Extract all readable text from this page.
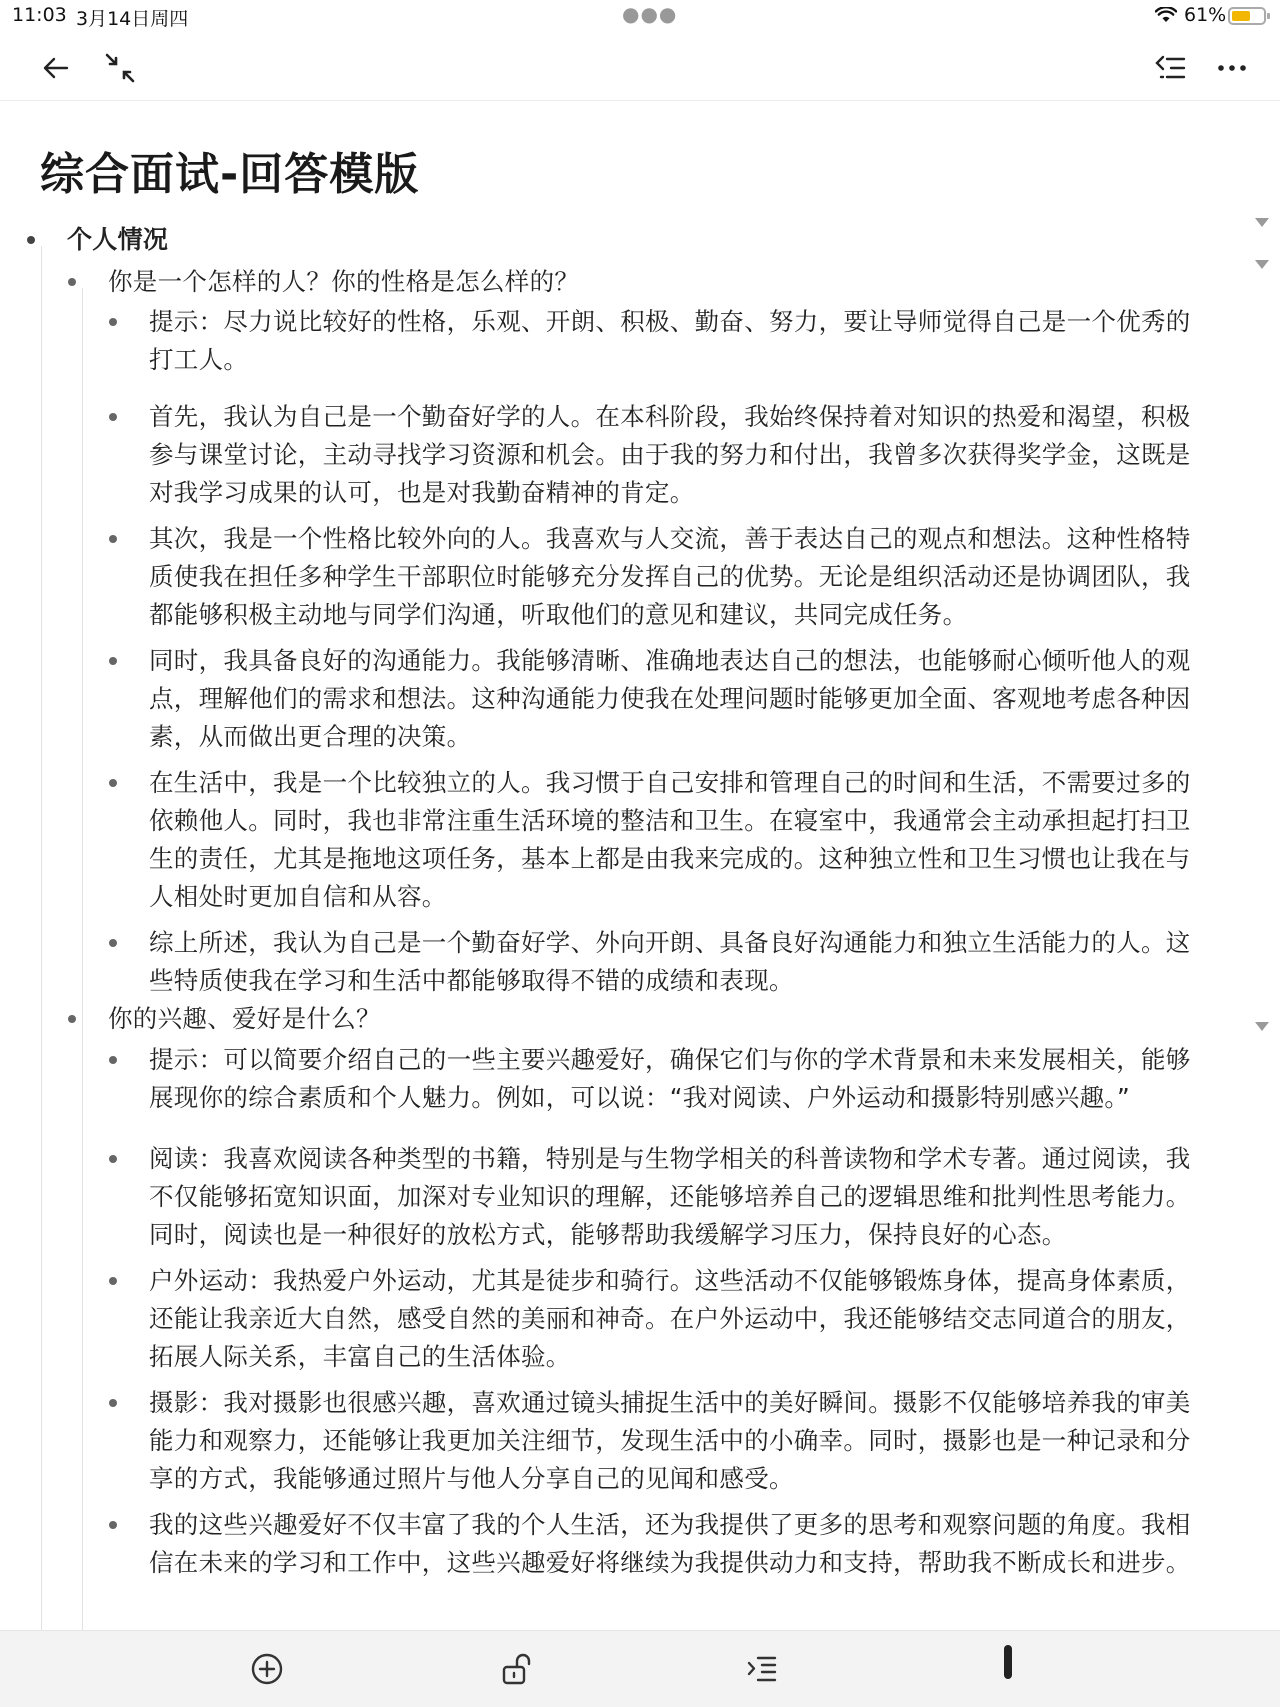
11:03 3月14日周四	●●●	61%
综合面试-回答模版
个人情况
你是一个怎样的人？你的性格是怎么样的？
提示：尽力说比较好的性格，乐观、开朗、积极、勤奋、努力，要让导师觉得自己是一个优秀的打工人。
首先，我认为自己是一个勤奋好学的人。在本科阶段，我始终保持着对知识的热爱和渴望，积极参与课堂讨论，主动寻找学习资源和机会。由于我的努力和付出，我曾多次获得奖学金，这既是对我学习成果的认可，也是对我勤奋精神的肯定。
其次，我是一个性格比较外向的人。我喜欢与人交流，善于表达自己的观点和想法。这种性格特质使我在担任多种学生干部职位时能够充分发挥自己的优势。无论是组织活动还是协调团队，我都能够积极主动地与同学们沟通，听取他们的意见和建议，共同完成任务。
同时，我具备良好的沟通能力。我能够清晰、准确地表达自己的想法，也能够耐心倾听他人的观点，理解他们的需求和想法。这种沟通能力使我在处理问题时能够更加全面、客观地考虑各种因素，从而做出更合理的决策。
在生活中，我是一个比较独立的人。我习惯于自己安排和管理自己的时间和生活，不需要过多的依赖他人。同时，我也非常注重生活环境的整洁和卫生。在寝室中，我通常会主动承担起打扫卫生的责任，尤其是拖地这项任务，基本上都是由我来完成的。这种独立性和卫生习惯也让我在与人相处时更加自信和从容。
综上所述，我认为自己是一个勤奋好学、外向开朗、具备良好沟通能力和独立生活能力的人。这些特质使我在学习和生活中都能够取得不错的成绩和表现。
你的兴趣、爱好是什么？
提示：可以简要介绍自己的一些主要兴趣爱好，确保它们与你的学术背景和未来发展相关，能够展现你的综合素质和个人魅力。例如，可以说：“我对阅读、户外运动和摄影特别感兴趣。”
阅读：我喜欢阅读各种类型的书籍，特别是与生物学相关的科普读物和学术专著。通过阅读，我不仅能够拓宽知识面，加深对专业知识的理解，还能够培养自己的逻辑思维和批判性思考能力。同时，阅读也是一种很好的放松方式，能够帮助我缓解学习压力，保持良好的心态。
户外运动：我热爱户外运动，尤其是徒步和骑行。这些活动不仅能够锻炼身体，提高身体素质，还能让我亲近大自然，感受自然的美丽和神奇。在户外运动中，我还能够结交志同道合的朋友，拓展人际关系，丰富自己的生活体验。
摄影：我对摄影也很感兴趣，喜欢通过镜头捕捉生活中的美好瞬间。摄影不仅能够培养我的审美能力和观察力，还能够让我更加关注细节，发现生活中的小确幸。同时，摄影也是一种记录和分享的方式，我能够通过照片与他人分享自己的见闻和感受。
我的这些兴趣爱好不仅丰富了我的个人生活，还为我提供了更多的思考和观察问题的角度。我相信在未来的学习和工作中，这些兴趣爱好将继续为我提供动力和支持，帮助我不断成长和进步。
